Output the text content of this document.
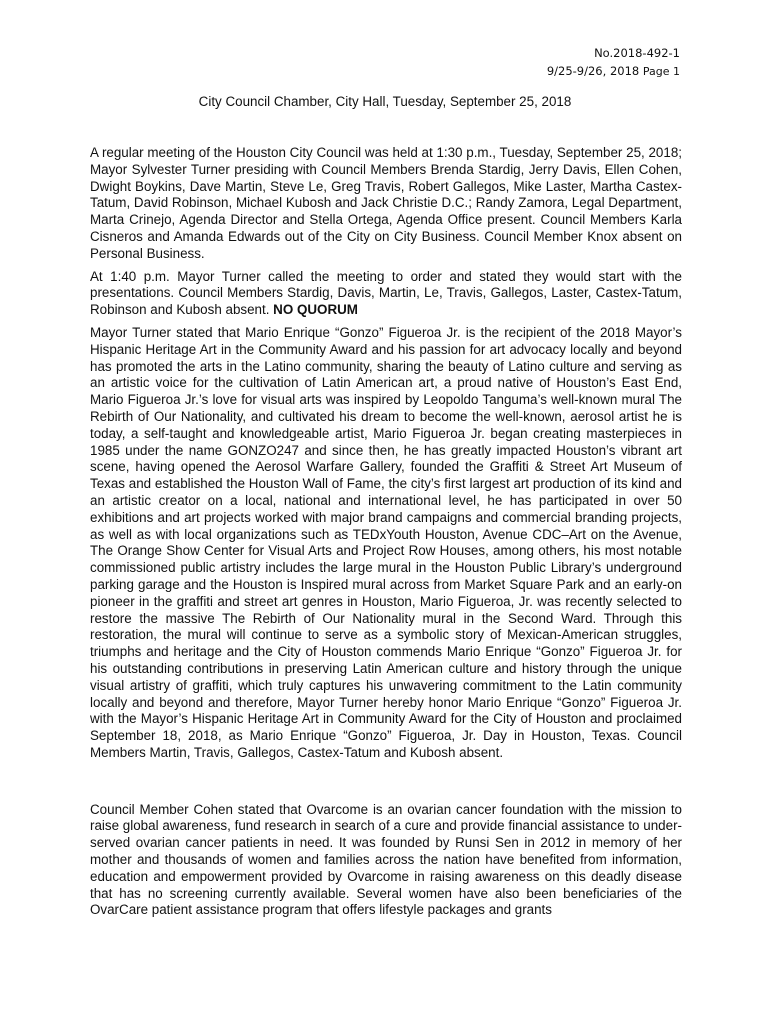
No.2018-492-1
9/25-9/26, 2018 Page 1
City Council Chamber, City Hall, Tuesday, September 25, 2018

A regular meeting of the Houston City Council was held at 1:30 p.m., Tuesday, September 25, 2018; Mayor Sylvester Turner presiding with Council Members Brenda Stardig, Jerry Davis, Ellen Cohen, Dwight Boykins, Dave Martin, Steve Le, Greg Travis, Robert Gallegos, Mike Laster, Martha Castex-Tatum, David Robinson, Michael Kubosh and Jack Christie D.C.; Randy Zamora, Legal Department, Marta Crinejo, Agenda Director and Stella Ortega, Agenda Office present. Council Members Karla Cisneros and Amanda Edwards out of the City on City Business. Council Member Knox absent on Personal Business.

At 1:40 p.m. Mayor Turner called the meeting to order and stated they would start with the presentations. Council Members Stardig, Davis, Martin, Le, Travis, Gallegos, Laster, Castex-Tatum, Robinson and Kubosh absent. NO QUORUM

Mayor Turner stated that Mario Enrique “Gonzo” Figueroa Jr. is the recipient of the 2018 Mayor’s Hispanic Heritage Art in the Community Award and his passion for art advocacy locally and beyond has promoted the arts in the Latino community, sharing the beauty of Latino culture and serving as an artistic voice for the cultivation of Latin American art, a proud native of Houston’s East End, Mario Figueroa Jr.’s love for visual arts was inspired by Leopoldo Tanguma’s well-known mural The Rebirth of Our Nationality, and cultivated his dream to become the well-known, aerosol artist he is today, a self-taught and knowledgeable artist, Mario Figueroa Jr. began creating masterpieces in 1985 under the name GONZO247 and since then, he has greatly impacted Houston’s vibrant art scene, having opened the Aerosol Warfare Gallery, founded the Graffiti & Street Art Museum of Texas and established the Houston Wall of Fame, the city’s first largest art production of its kind and an artistic creator on a local, national and international level, he has participated in over 50 exhibitions and art projects worked with major brand campaigns and commercial branding projects, as well as with local organizations such as TEDxYouth Houston, Avenue CDC–Art on the Avenue, The Orange Show Center for Visual Arts and Project Row Houses, among others, his most notable commissioned public artistry includes the large mural in the Houston Public Library’s underground parking garage and the Houston is Inspired mural across from Market Square Park and an early-on pioneer in the graffiti and street art genres in Houston, Mario Figueroa, Jr. was recently selected to restore the massive The Rebirth of Our Nationality mural in the Second Ward. Through this restoration, the mural will continue to serve as a symbolic story of Mexican-American struggles, triumphs and heritage and the City of Houston commends Mario Enrique “Gonzo” Figueroa Jr. for his outstanding contributions in preserving Latin American culture and history through the unique visual artistry of graffiti, which truly captures his unwavering commitment to the Latin community locally and beyond and therefore, Mayor Turner hereby honor Mario Enrique “Gonzo” Figueroa Jr. with the Mayor’s Hispanic Heritage Art in Community Award for the City of Houston and proclaimed September 18, 2018, as Mario Enrique “Gonzo” Figueroa, Jr. Day in Houston, Texas. Council Members Martin, Travis, Gallegos, Castex-Tatum and Kubosh absent.

Council Member Cohen stated that Ovarcome is an ovarian cancer foundation with the mission to raise global awareness, fund research in search of a cure and provide financial assistance to under-served ovarian cancer patients in need. It was founded by Runsi Sen in 2012 in memory of her mother and thousands of women and families across the nation have benefited from information, education and empowerment provided by Ovarcome in raising awareness on this deadly disease that has no screening currently available. Several women have also been beneficiaries of the OvarCare patient assistance program that offers lifestyle packages and grants
